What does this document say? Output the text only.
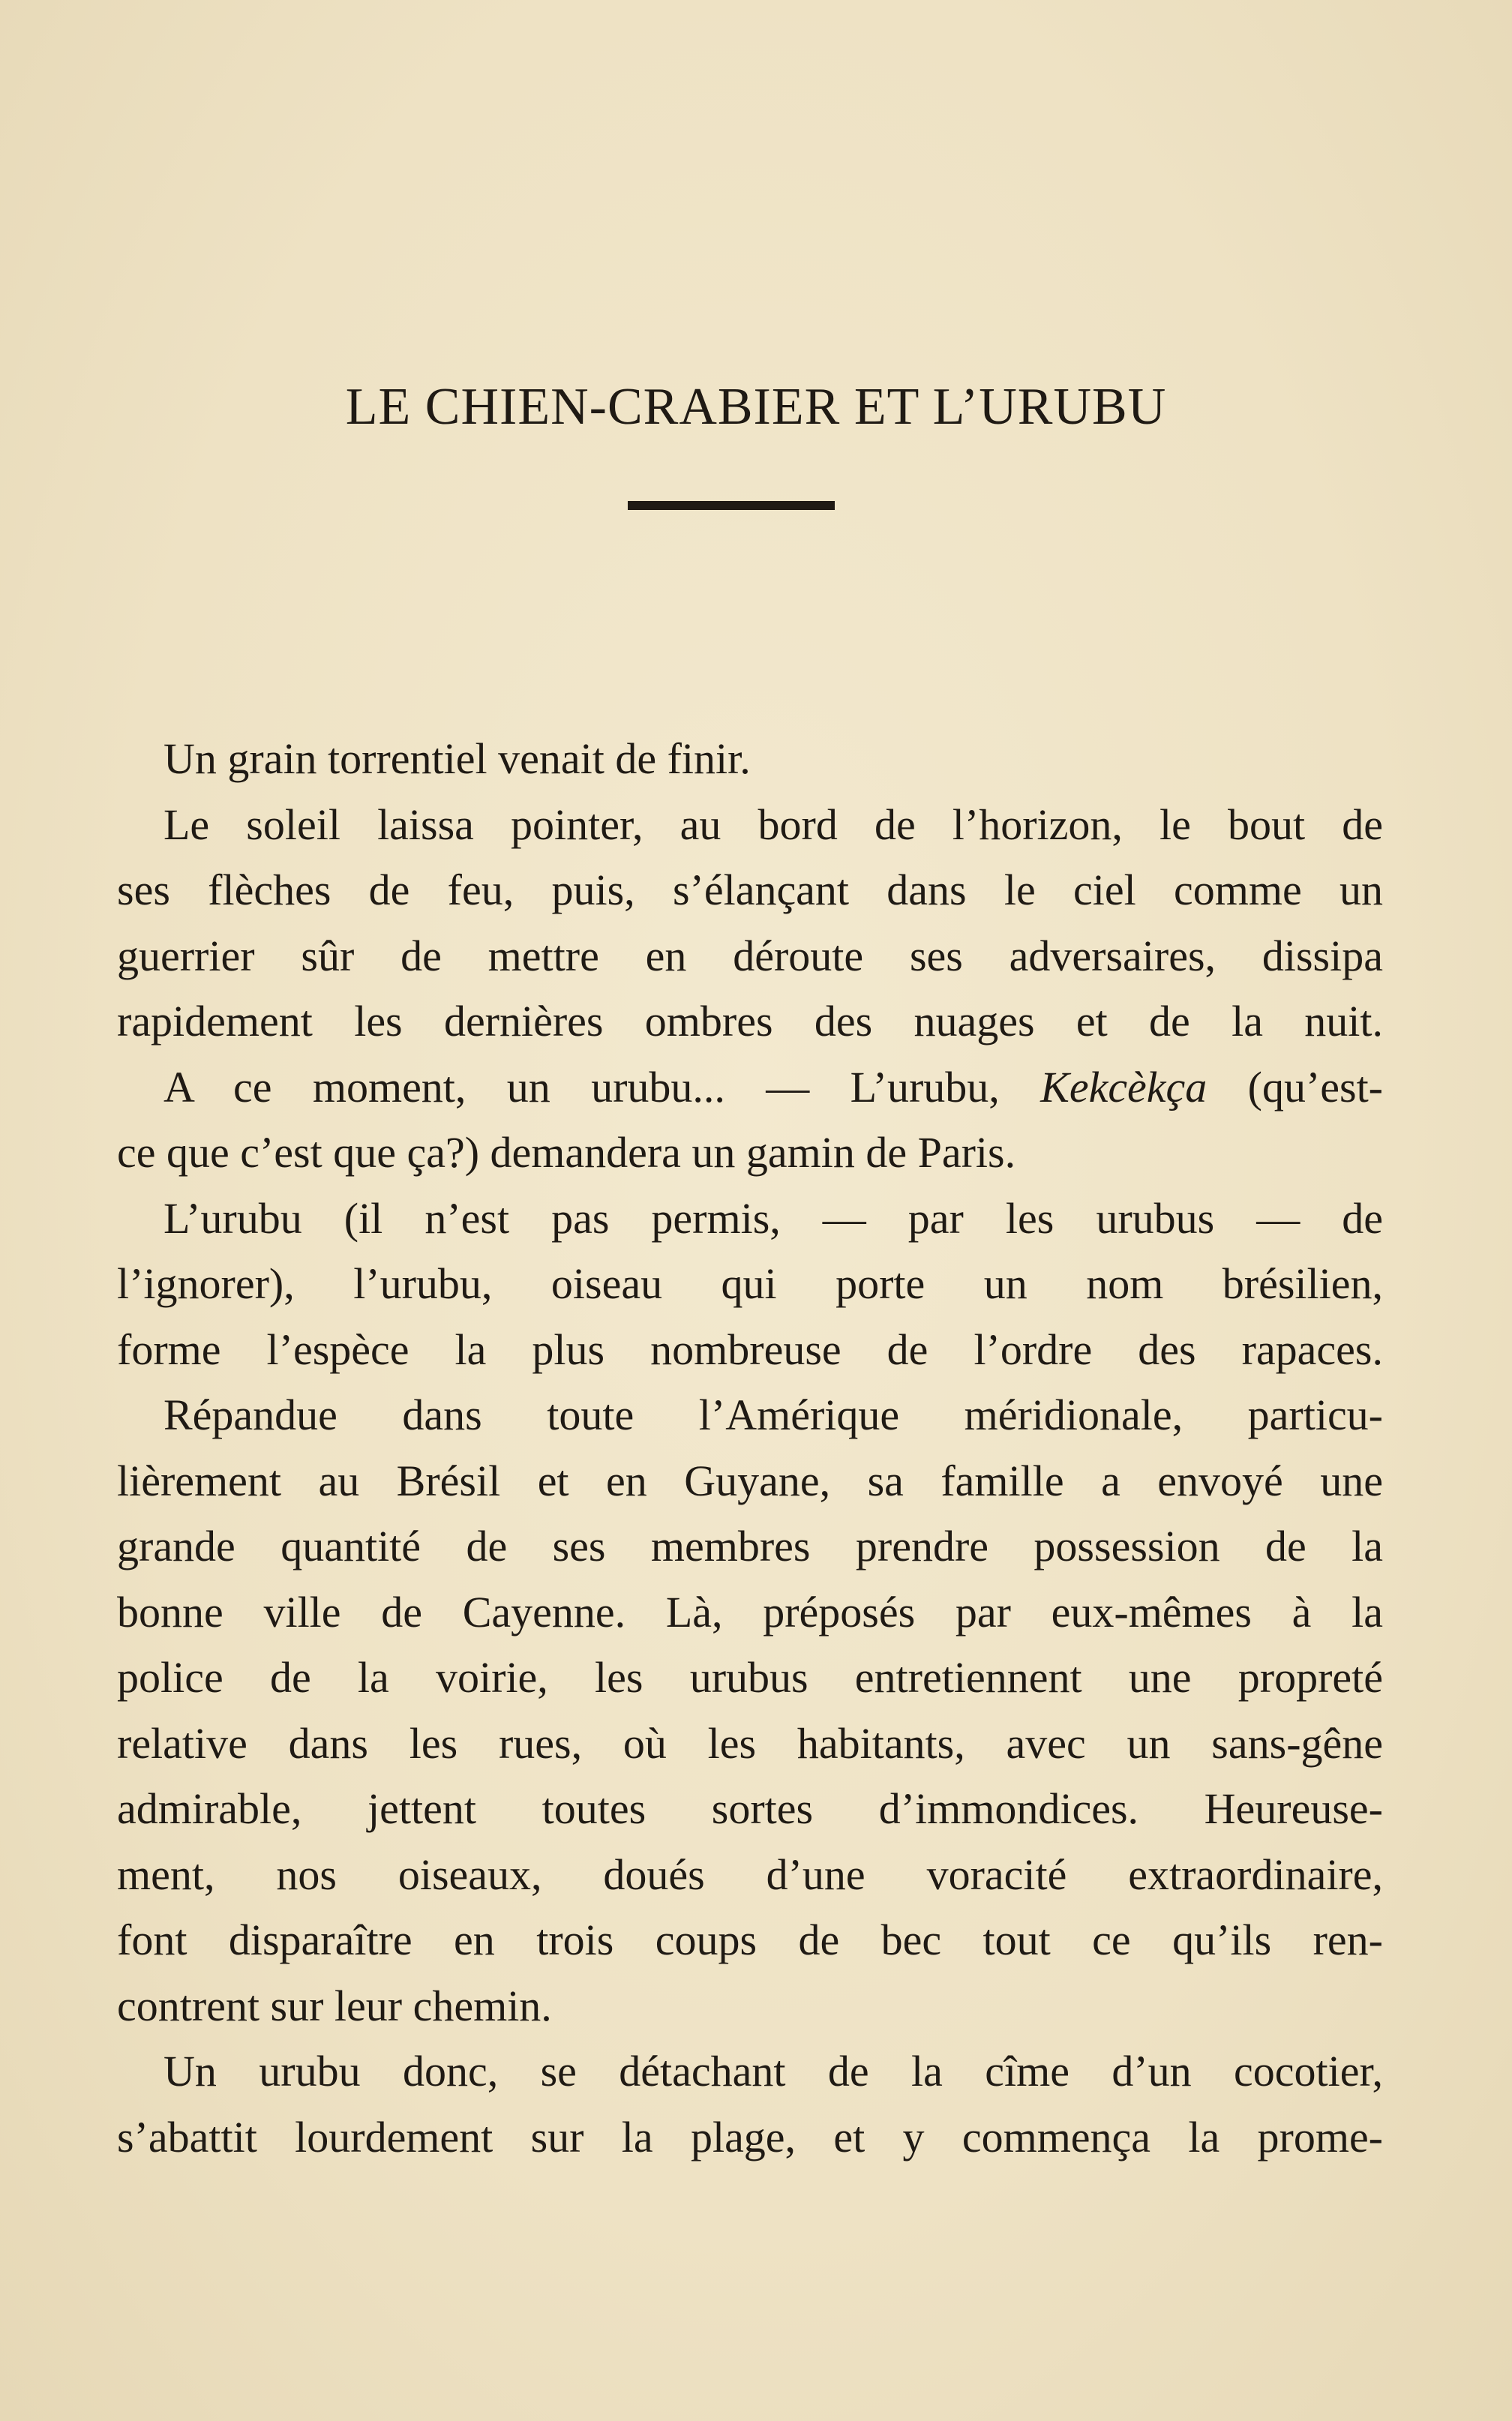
LE CHIEN-CRABIER ET L’URUBU
Un grain torrentiel venait de finir.
Le soleil laissa pointer, au bord de l’horizon, le bout de
ses flèches de feu, puis, s’élançant dans le ciel comme un
guerrier sûr de mettre en déroute ses adversaires, dissipa
rapidement les dernières ombres des nuages et de la nuit.
A ce moment, un urubu... — L’urubu, Kekcèkça (qu’est-
ce que c’est que ça?) demandera un gamin de Paris.
L’urubu (il n’est pas permis, — par les urubus — de
l’ignorer), l’urubu, oiseau qui porte un nom brésilien,
forme l’espèce la plus nombreuse de l’ordre des rapaces.
Répandue dans toute l’Amérique méridionale, particu-
lièrement au Brésil et en Guyane, sa famille a envoyé une
grande quantité de ses membres prendre possession de la
bonne ville de Cayenne. Là, préposés par eux-mêmes à la
police de la voirie, les urubus entretiennent une propreté
relative dans les rues, où les habitants, avec un sans-gêne
admirable, jettent toutes sortes d’immondices. Heureuse-
ment, nos oiseaux, doués d’une voracité extraordinaire,
font disparaître en trois coups de bec tout ce qu’ils ren-
contrent sur leur chemin.
Un urubu donc, se détachant de la cîme d’un cocotier,
s’abattit lourdement sur la plage, et y commença la prome-
